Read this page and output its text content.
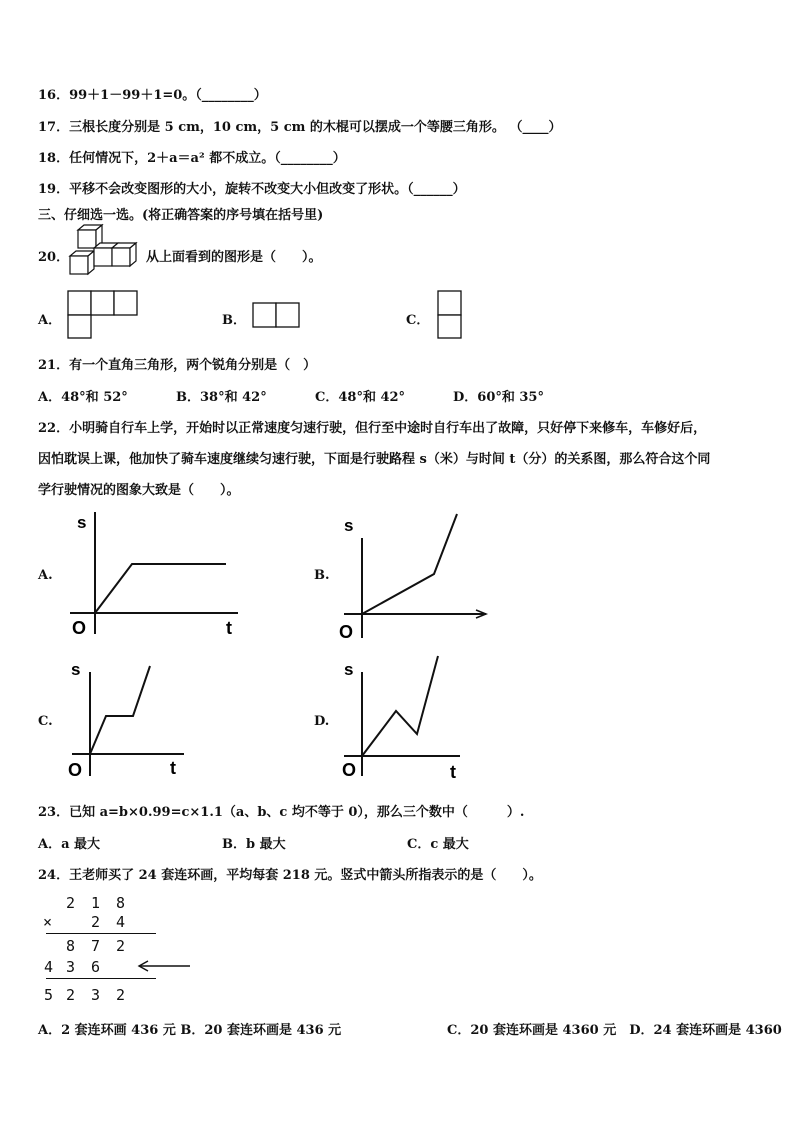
16．99＋1－99＋1=0。（________）
17．三根长度分别是 5 cm，10 cm，5 cm 的木棍可以摆成一个等腰三角形。 （____）
18．任何情况下，2＋a＝a² 都不成立。（________）
19．平移不会改变图形的大小，旋转不改变大小但改变了形状。（______）
三、仔细选一选。(将正确答案的序号填在括号里)
20．	从上面看到的图形是（　　）。
A．	B．	C．
21．有一个直角三角形，两个锐角分别是（　）
A．48°和 52°	B．38°和 42°	C．48°和 42°	D．60°和 35°
22．小明骑自行车上学，开始时以正常速度匀速行驶，但行至中途时自行车出了故障，只好停下来修车，车修好后，
因怕耽误上课，他加快了骑车速度继续匀速行驶，下面是行驶路程 s（米）与时间 t（分）的关系图，那么符合这个同
学行驶情况的图象大致是（　　）。
A.
s
O	t
B.
s
O
C.
s
O	t
D.
s
O	t
23．已知 a=b×0.99=c×1.1（a、b、c 均不等于 0），那么三个数中（　　　）.
A．a 最大	B．b 最大	C．c 最大
24．王老师买了 24 套连环画，平均每套 218 元。竖式中箭头所指表示的是（　　）。
2 1 8
×	2 4
8 7 2
4 3 6
5 2 3 2
A．2 套连环画 436 元 B．20 套连环画是 436 元	C．20 套连环画是 4360 元　D．24 套连环画是 4360
